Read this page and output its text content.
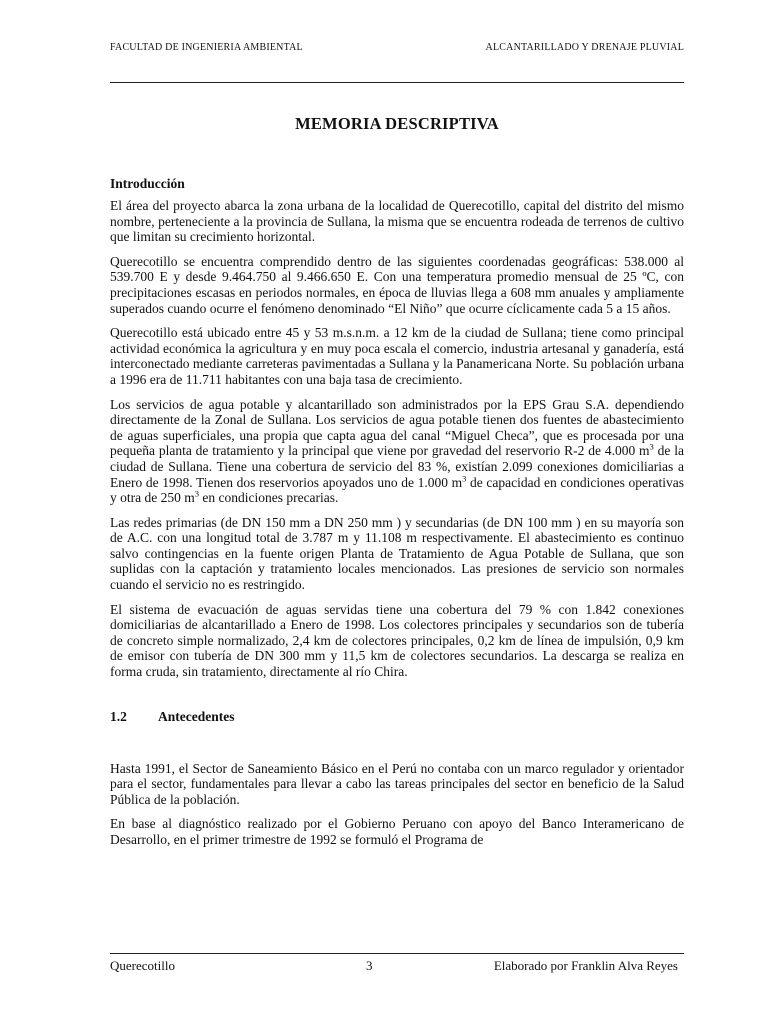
FACULTAD DE INGENIERIA AMBIENTAL	ALCANTARILLADO Y DRENAJE PLUVIAL
MEMORIA DESCRIPTIVA
Introducción

El área del proyecto abarca la zona urbana de la localidad de Querecotillo, capital del distrito del mismo nombre, perteneciente a la provincia de Sullana, la misma que se encuentra rodeada de terrenos de cultivo que limitan su crecimiento horizontal.

Querecotillo se encuentra comprendido dentro de las siguientes coordenadas geográficas: 538.000 al 539.700 E y desde 9.464.750 al 9.466.650 E. Con una temperatura promedio mensual de 25 ºC, con precipitaciones escasas en periodos normales, en época de lluvias llega a 608 mm anuales y ampliamente superados cuando ocurre el fenómeno denominado “El Niño” que ocurre cíclicamente cada 5 a 15 años.

Querecotillo está ubicado entre 45 y 53 m.s.n.m. a 12 km de la ciudad de Sullana; tiene como principal actividad económica la agricultura y en muy poca escala el comercio, industria artesanal y ganadería, está interconectado mediante carreteras pavimentadas a Sullana y la Panamericana Norte. Su población urbana a 1996 era de 11.711 habitantes con una baja tasa de crecimiento.

Los servicios de agua potable y alcantarillado son administrados por la EPS Grau S.A. dependiendo directamente de la Zonal de Sullana. Los servicios de agua potable tienen dos fuentes de abastecimiento de aguas superficiales, una propia que capta agua del canal “Miguel Checa”, que es procesada por una pequeña planta de tratamiento y la principal que viene por gravedad del reservorio R-2 de 4.000 $m^3$ de la ciudad de Sullana. Tiene una cobertura de servicio del 83 %, existían 2.099 conexiones domiciliarias a Enero de 1998. Tienen dos reservorios apoyados uno de 1.000 $m^3$ de capacidad en condiciones operativas y otra de 250 $m^3$ en condiciones precarias.

Las redes primarias (de DN 150 mm a DN 250 mm ) y secundarias (de DN 100 mm ) en su mayoría son de A.C. con una longitud total de 3.787 m y 11.108 m respectivamente. El abastecimiento es continuo salvo contingencias en la fuente origen Planta de Tratamiento de Agua Potable de Sullana, que son suplidas con la captación y tratamiento locales mencionados. Las presiones de servicio son normales cuando el servicio no es restringido.

El sistema de evacuación de aguas servidas tiene una cobertura del 79 % con 1.842 conexiones domiciliarias de alcantarillado a Enero de 1998. Los colectores principales y secundarios son de tubería de concreto simple normalizado, 2,4 km de colectores principales, 0,2 km de línea de impulsión, 0,9 km de emisor con tubería de DN 300 mm y 11,5 km de colectores secundarios. La descarga se realiza en forma cruda, sin tratamiento, directamente al río Chira.

1.2	Antecedentes

Hasta 1991, el Sector de Saneamiento Básico en el Perú no contaba con un marco regulador y orientador para el sector, fundamentales para llevar a cabo las tareas principales del sector en beneficio de la Salud Pública de la población.

En base al diagnóstico realizado por el Gobierno Peruano con apoyo del Banco Interamericano de Desarrollo, en el primer trimestre de 1992 se formuló el Programa de

Querecotillo	3	Elaborado por Franklin Alva Reyes
